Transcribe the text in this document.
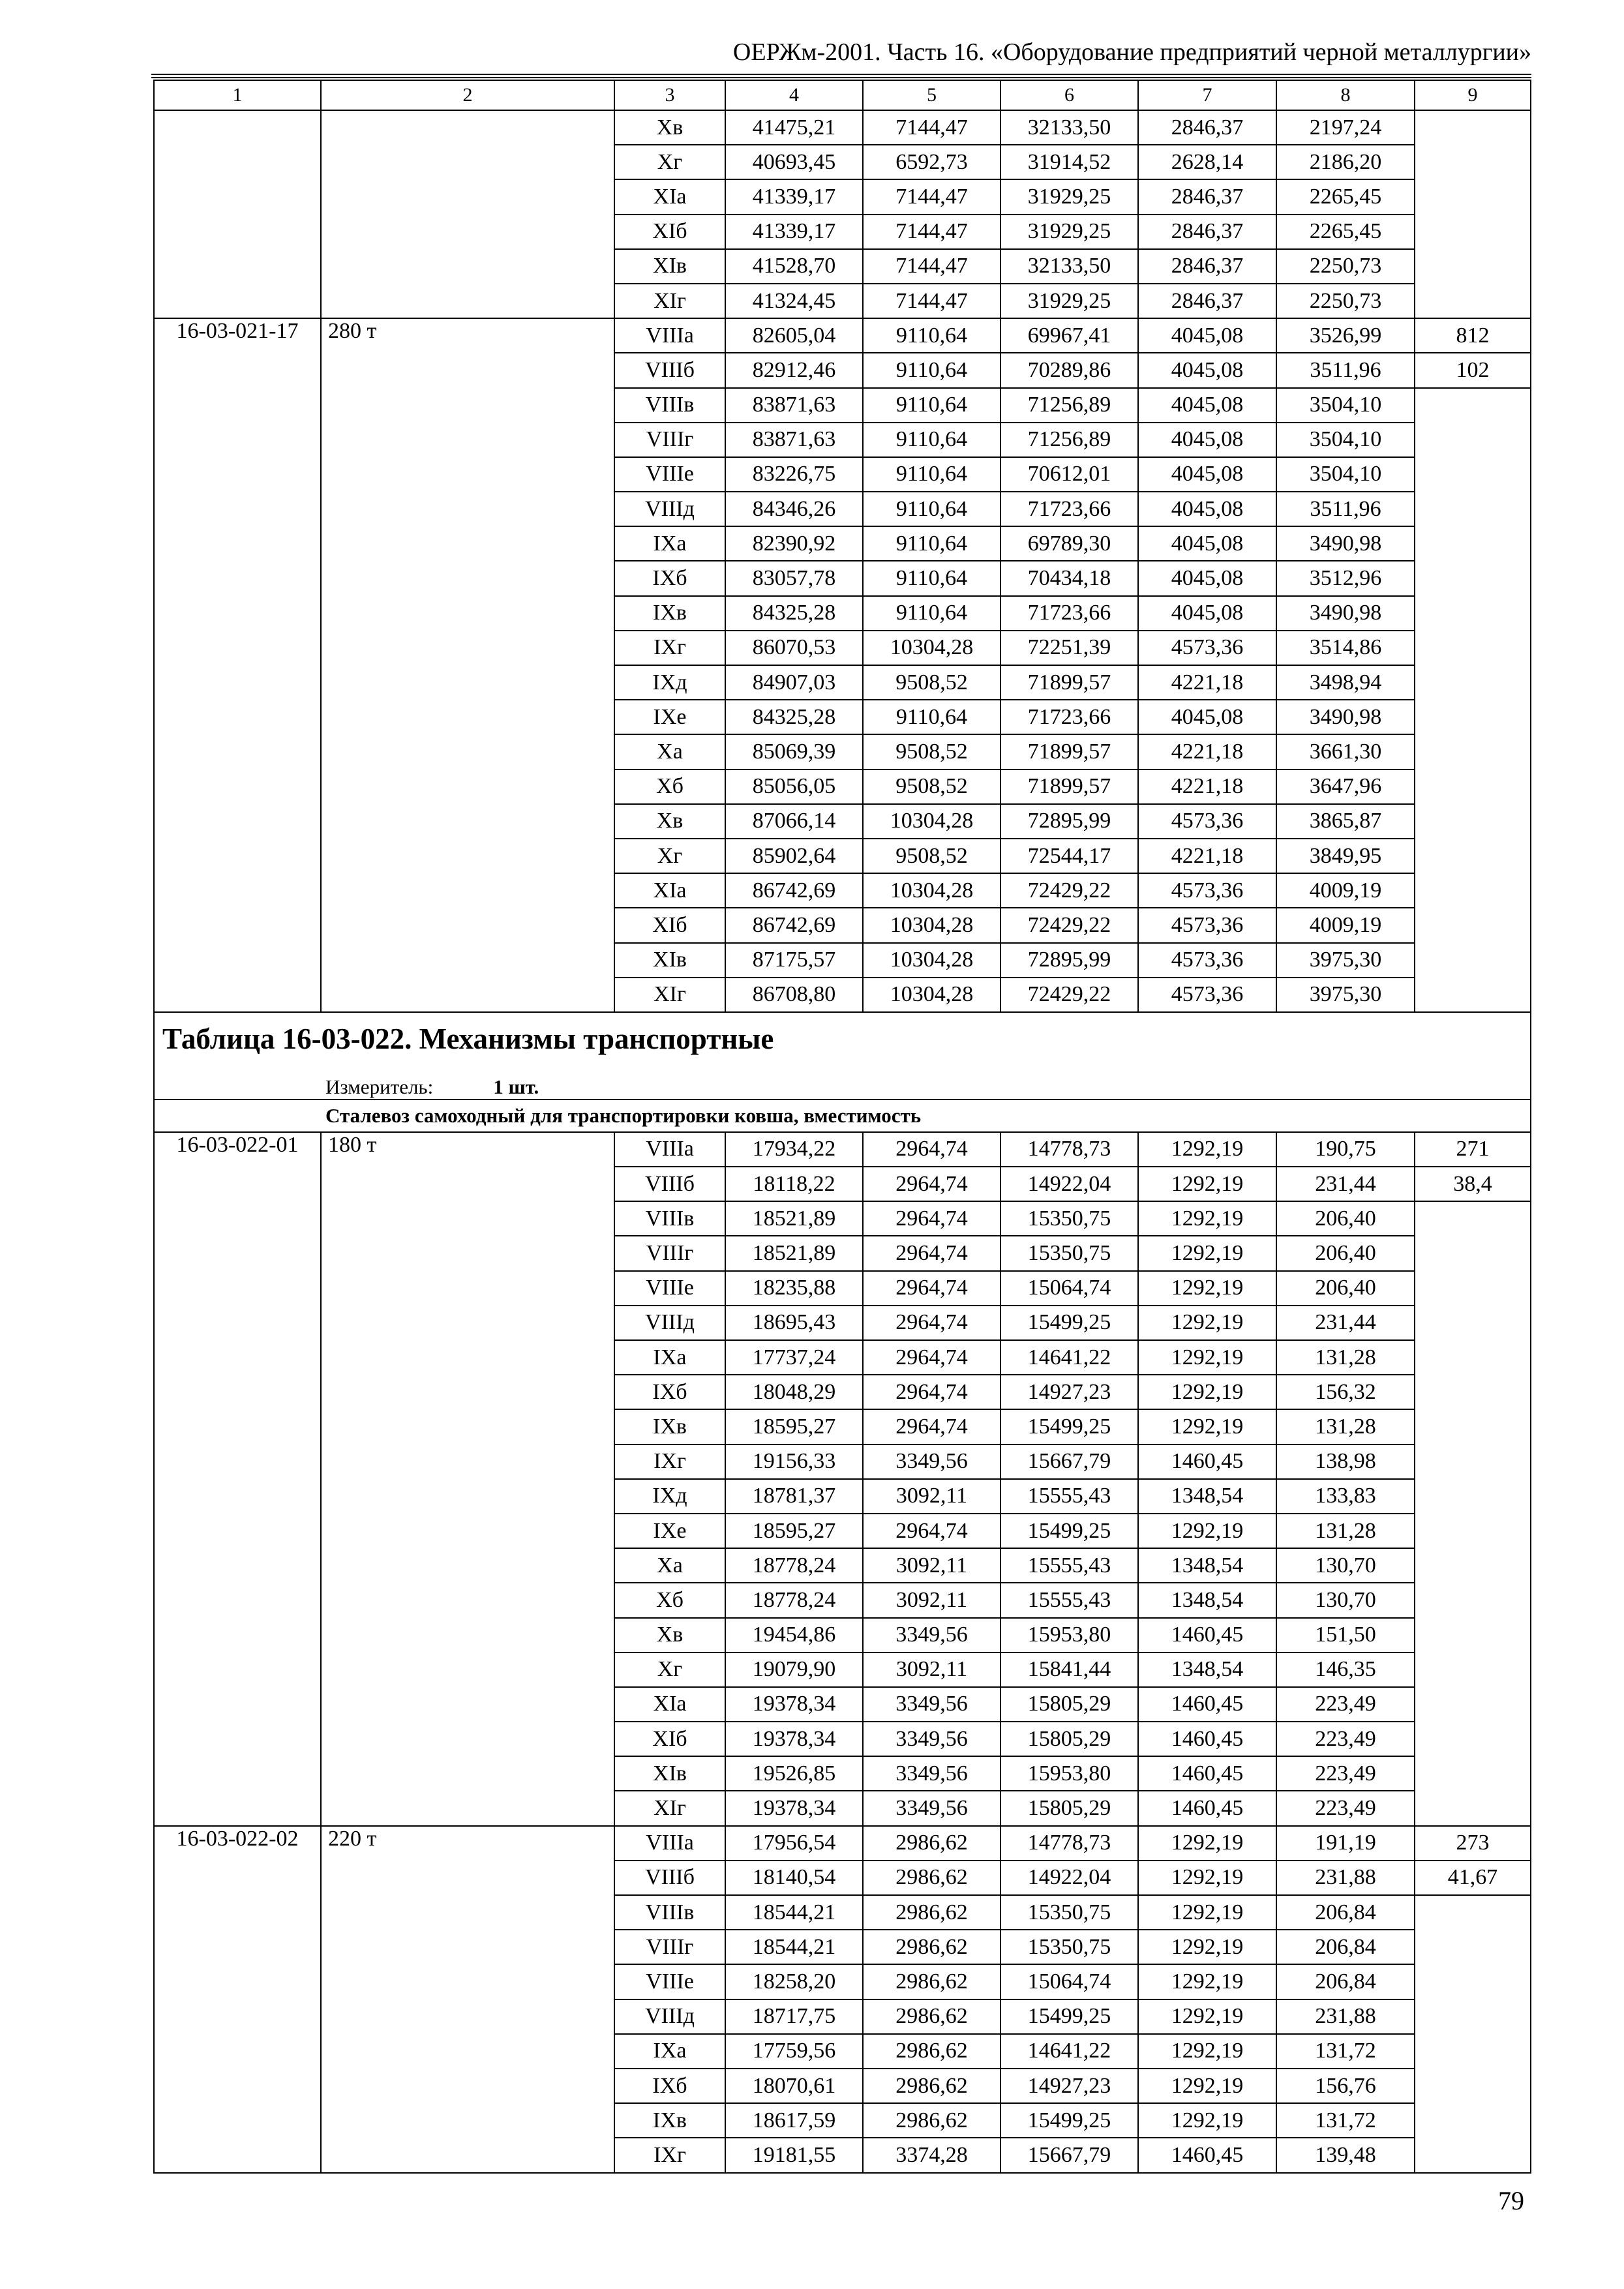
ОЕРЖм-2001. Часть 16. «Оборудование предприятий черной металлургии»
1	2	3	4	5	6	7	8	9
		Xв	41475,21	7144,47	32133,50	2846,37	2197,24	
		Xг	40693,45	6592,73	31914,52	2628,14	2186,20	
		XIа	41339,17	7144,47	31929,25	2846,37	2265,45	
		XIб	41339,17	7144,47	31929,25	2846,37	2265,45	
		XIв	41528,70	7144,47	32133,50	2846,37	2250,73	
		XIг	41324,45	7144,47	31929,25	2846,37	2250,73	
16-03-021-17	280 т	VIIIа	82605,04	9110,64	69967,41	4045,08	3526,99	812
		VIIIб	82912,46	9110,64	70289,86	4045,08	3511,96	102
		VIIIв	83871,63	9110,64	71256,89	4045,08	3504,10	
		VIIIг	83871,63	9110,64	71256,89	4045,08	3504,10	
		VIIIе	83226,75	9110,64	70612,01	4045,08	3504,10	
		VIIIд	84346,26	9110,64	71723,66	4045,08	3511,96	
		IXа	82390,92	9110,64	69789,30	4045,08	3490,98	
		IXб	83057,78	9110,64	70434,18	4045,08	3512,96	
		IXв	84325,28	9110,64	71723,66	4045,08	3490,98	
		IXг	86070,53	10304,28	72251,39	4573,36	3514,86	
		IXд	84907,03	9508,52	71899,57	4221,18	3498,94	
		IXе	84325,28	9110,64	71723,66	4045,08	3490,98	
		Xа	85069,39	9508,52	71899,57	4221,18	3661,30	
		Xб	85056,05	9508,52	71899,57	4221,18	3647,96	
		Xв	87066,14	10304,28	72895,99	4573,36	3865,87	
		Xг	85902,64	9508,52	72544,17	4221,18	3849,95	
		XIа	86742,69	10304,28	72429,22	4573,36	4009,19	
		XIб	86742,69	10304,28	72429,22	4573,36	4009,19	
		XIв	87175,57	10304,28	72895,99	4573,36	3975,30	
		XIг	86708,80	10304,28	72429,22	4573,36	3975,30	

Таблица 16-03-022. Механизмы транспортные								

Измеритель: 1 шт.								
Сталевоз самоходный для транспортировки ковша, вместимость								
16-03-022-01	180 т	VIIIа	17934,22	2964,74	14778,73	1292,19	190,75	271
		VIIIб	18118,22	2964,74	14922,04	1292,19	231,44	38,4
		VIIIв	18521,89	2964,74	15350,75	1292,19	206,40	
		VIIIг	18521,89	2964,74	15350,75	1292,19	206,40	
		VIIIе	18235,88	2964,74	15064,74	1292,19	206,40	
		VIIIд	18695,43	2964,74	15499,25	1292,19	231,44	
		IXа	17737,24	2964,74	14641,22	1292,19	131,28	
		IXб	18048,29	2964,74	14927,23	1292,19	156,32	
		IXв	18595,27	2964,74	15499,25	1292,19	131,28	
		IXг	19156,33	3349,56	15667,79	1460,45	138,98	
		IXд	18781,37	3092,11	15555,43	1348,54	133,83	
		IXе	18595,27	2964,74	15499,25	1292,19	131,28	
		Xа	18778,24	3092,11	15555,43	1348,54	130,70	
		Xб	18778,24	3092,11	15555,43	1348,54	130,70	
		Xв	19454,86	3349,56	15953,80	1460,45	151,50	
		Xг	19079,90	3092,11	15841,44	1348,54	146,35	
		XIа	19378,34	3349,56	15805,29	1460,45	223,49	
		XIб	19378,34	3349,56	15805,29	1460,45	223,49	
		XIв	19526,85	3349,56	15953,80	1460,45	223,49	
		XIг	19378,34	3349,56	15805,29	1460,45	223,49	
16-03-022-02	220 т	VIIIа	17956,54	2986,62	14778,73	1292,19	191,19	273
		VIIIб	18140,54	2986,62	14922,04	1292,19	231,88	41,67
		VIIIв	18544,21	2986,62	15350,75	1292,19	206,84	
		VIIIг	18544,21	2986,62	15350,75	1292,19	206,84	
		VIIIе	18258,20	2986,62	15064,74	1292,19	206,84	
		VIIIд	18717,75	2986,62	15499,25	1292,19	231,88	
		IXа	17759,56	2986,62	14641,22	1292,19	131,72	
		IXб	18070,61	2986,62	14927,23	1292,19	156,76	
		IXв	18617,59	2986,62	15499,25	1292,19	131,72	
		IXг	19181,55	3374,28	15667,79	1460,45	139,48	
79
